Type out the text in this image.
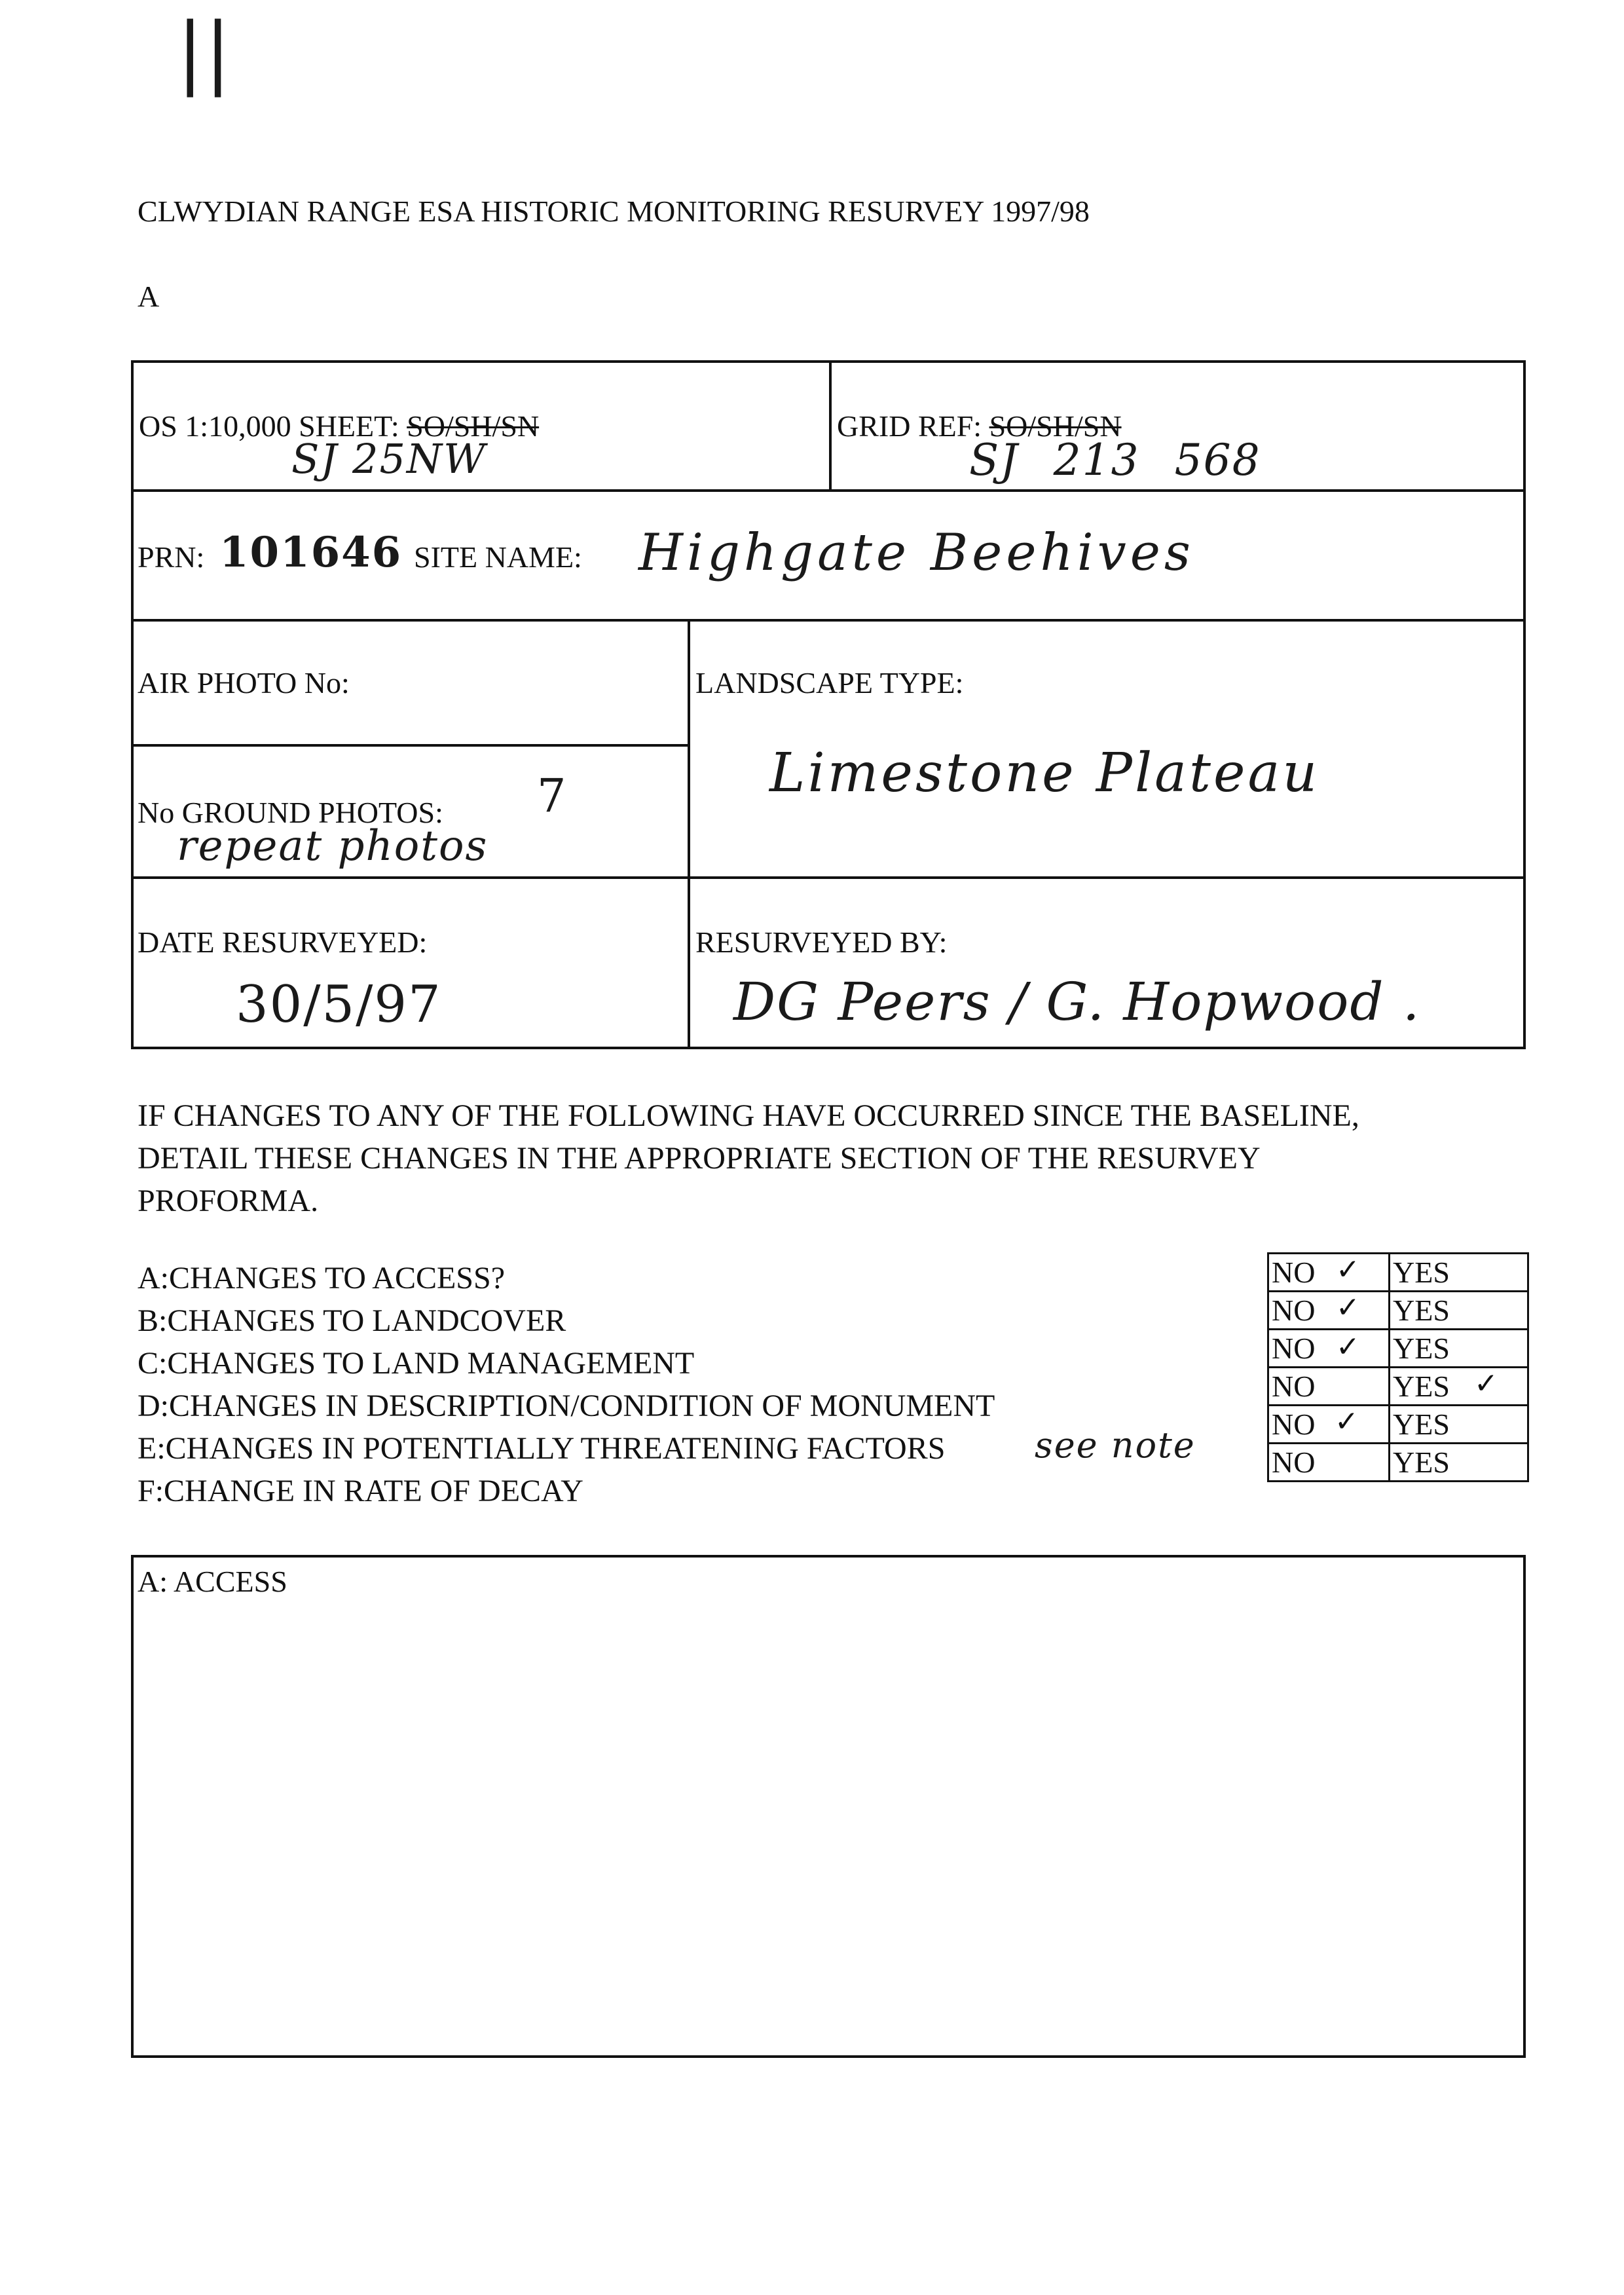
||
CLWYDIAN RANGE ESA HISTORIC MONITORING RESURVEY 1997/98
A
OS 1:10,000 SHEET: SO/SH/SN
SJ 25NW
GRID REF: SO/SH/SN
SJ 213 568
PRN: 101646 SITE NAME: Highgate Beehives
AIR PHOTO No:	LANDSCAPE TYPE:
Limestone Plateau
No GROUND PHOTOS: 7
repeat photos
DATE RESURVEYED:
30/5/97
RESURVEYED BY:
DG Peers / G. Hopwood .
IF CHANGES TO ANY OF THE FOLLOWING HAVE OCCURRED SINCE THE BASELINE,
DETAIL THESE CHANGES IN THE APPROPRIATE SECTION OF THE RESURVEY
PROFORMA.
A:CHANGES TO ACCESS?
B:CHANGES TO LANDCOVER
C:CHANGES TO LAND MANAGEMENT
D:CHANGES IN DESCRIPTION/CONDITION OF MONUMENT
E:CHANGES IN POTENTIALLY THREATENING FACTORS
F:CHANGE IN RATE OF DECAY
see note
NO ✓	YES
NO ✓	YES
NO ✓	YES
NO	YES ✓

NO ✓	YES
NO	YES
A: ACCESS
